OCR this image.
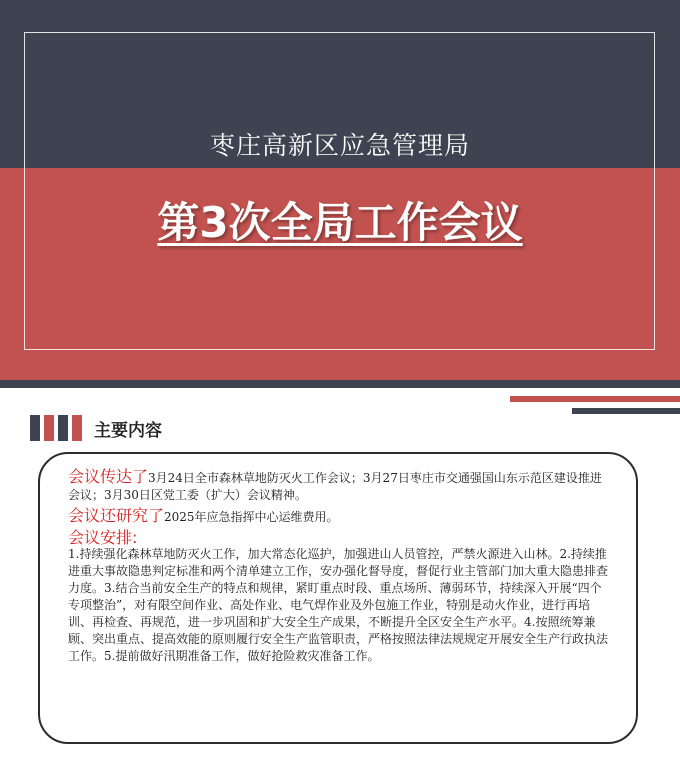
枣庄高新区应急管理局
第3次全局工作会议
主要内容

会议传达了3月24日全市森林草地防灭火工作会议；3月27日枣庄市交通强国山东示范区建设推进会议；3月30日区党工委（扩大）会议精神。

会议还研究了2025年应急指挥中心运维费用。

会议安排:
1.持续强化森林草地防灭火工作，加大常态化巡护，加强进山人员管控，严禁火源进入山林。2.持续推进重大事故隐患判定标准和两个清单建立工作，安办强化督导度，督促行业主管部门加大重大隐患排查力度。3.结合当前安全生产的特点和规律，紧盯重点时段、重点场所、薄弱环节，持续深入开展“四个专项整治”，对有限空间作业、高处作业、电气焊作业及外包施工作业，特别是动火作业，进行再培训、再检查、再规范，进一步巩固和扩大安全生产成果，不断提升全区安全生产水平。4.按照统筹兼顾、突出重点、提高效能的原则履行安全生产监管职责，严格按照法律法规规定开展安全生产行政执法工作。5.提前做好汛期准备工作，做好抢险救灾准备工作。
